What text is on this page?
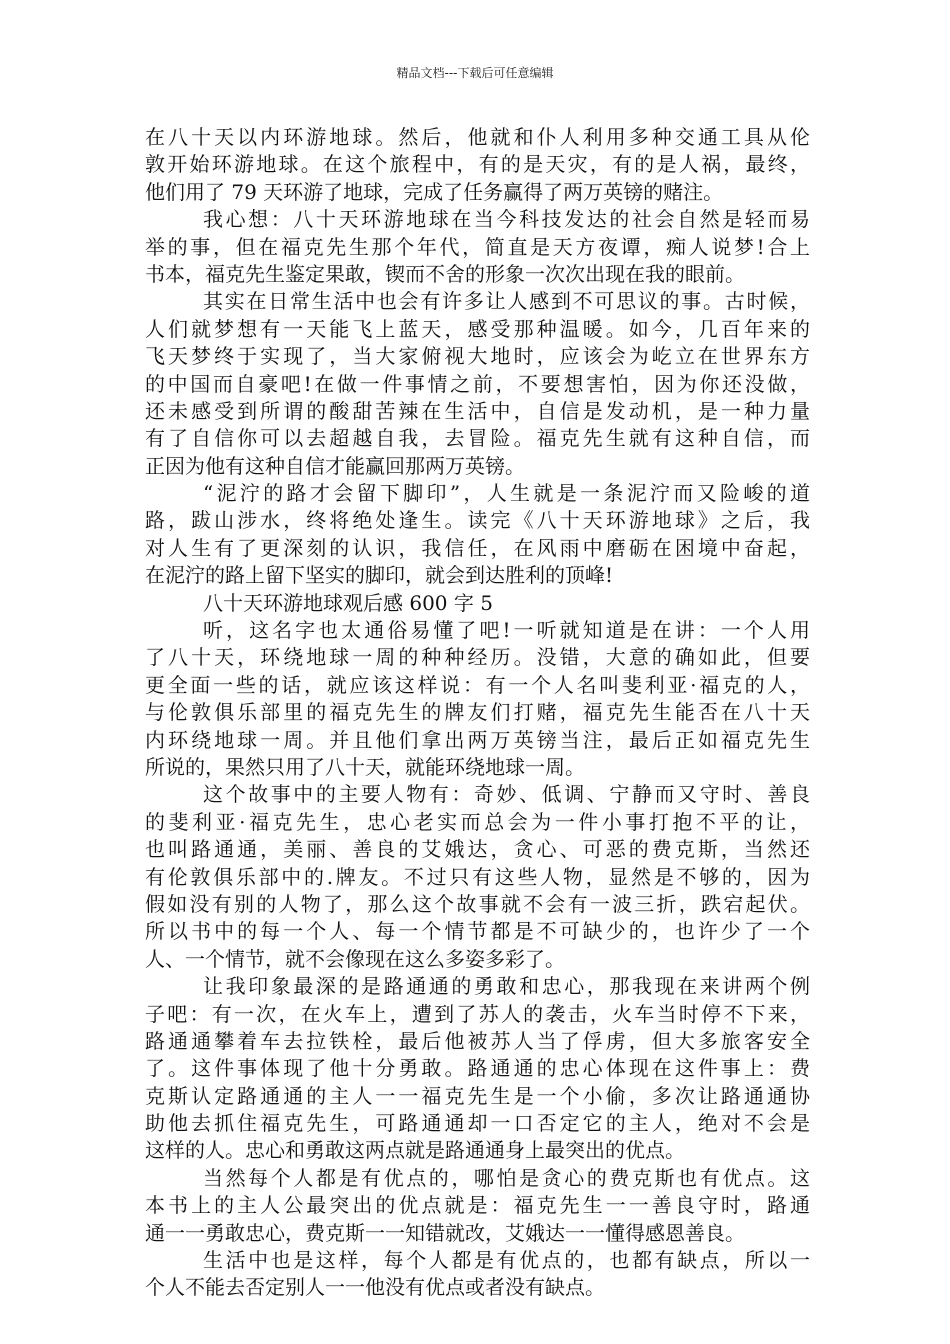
精品文档---下载后可任意编辑
在八十天以内环游地球。然后，他就和仆人利用多种交通工具从伦
敦开始环游地球。在这个旅程中，有的是天灾，有的是人祸，最终，
他们用了 79 天环游了地球，完成了任务赢得了两万英镑的赌注。
我心想：八十天环游地球在当今科技发达的社会自然是轻而易
举的事，但在福克先生那个年代，简直是天方夜谭，痴人说梦!合上
书本，福克先生鉴定果敢，锲而不舍的形象一次次出现在我的眼前。
其实在日常生活中也会有许多让人感到不可思议的事。古时候，
人们就梦想有一天能飞上蓝天，感受那种温暖。如今，几百年来的
飞天梦终于实现了，当大家俯视大地时，应该会为屹立在世界东方
的中国而自豪吧!在做一件事情之前，不要想害怕，因为你还没做，
还未感受到所谓的酸甜苦辣在生活中，自信是发动机，是一种力量
有了自信你可以去超越自我，去冒险。福克先生就有这种自信，而
正因为他有这种自信才能赢回那两万英镑。
“泥泞的路才会留下脚印”，人生就是一条泥泞而又险峻的道
路，跋山涉水，终将绝处逢生。读完《八十天环游地球》之后，我
对人生有了更深刻的认识，我信任，在风雨中磨砺在困境中奋起，
在泥泞的路上留下坚实的脚印，就会到达胜利的顶峰!
八十天环游地球观后感 600 字 5
听，这名字也太通俗易懂了吧!一听就知道是在讲：一个人用
了八十天，环绕地球一周的种种经历。没错，大意的确如此，但要
更全面一些的话，就应该这样说：有一个人名叫斐利亚·福克的人，
与伦敦俱乐部里的福克先生的牌友们打赌，福克先生能否在八十天
内环绕地球一周。并且他们拿出两万英镑当注，最后正如福克先生
所说的，果然只用了八十天，就能环绕地球一周。
这个故事中的主要人物有：奇妙、低调、宁静而又守时、善良
的斐利亚·福克先生，忠心老实而总会为一件小事打抱不平的让，
也叫路通通，美丽、善良的艾娥达，贪心、可恶的费克斯，当然还
有伦敦俱乐部中的.牌友。不过只有这些人物，显然是不够的，因为
假如没有别的人物了，那么这个故事就不会有一波三折，跌宕起伏。
所以书中的每一个人、每一个情节都是不可缺少的，也许少了一个
人、一个情节，就不会像现在这么多姿多彩了。
让我印象最深的是路通通的勇敢和忠心，那我现在来讲两个例
子吧：有一次，在火车上，遭到了苏人的袭击，火车当时停不下来，
路通通攀着车去拉铁栓，最后他被苏人当了俘虏，但大多旅客安全
了。这件事体现了他十分勇敢。路通通的忠心体现在这件事上：费
克斯认定路通通的主人一一福克先生是一个小偷，多次让路通通协
助他去抓住福克先生，可路通通却一口否定它的主人，绝对不会是
这样的人。忠心和勇敢这两点就是路通通身上最突出的优点。
当然每个人都是有优点的，哪怕是贪心的费克斯也有优点。这
本书上的主人公最突出的优点就是：福克先生一一善良守时，路通
通一一勇敢忠心，费克斯一一知错就改，艾娥达一一懂得感恩善良。
生活中也是这样，每个人都是有优点的，也都有缺点，所以一
个人不能去否定别人一一他没有优点或者没有缺点。
